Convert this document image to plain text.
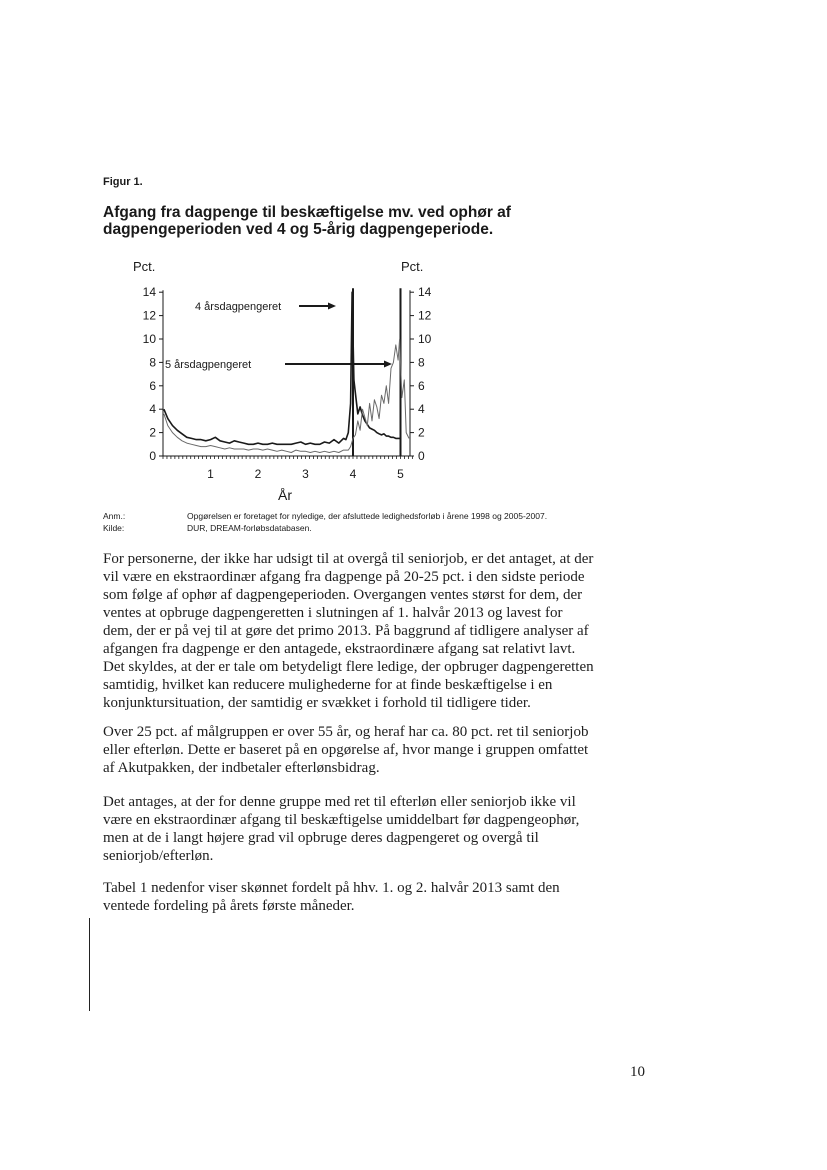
Figur 1.
Afgang fra dagpenge til beskæftigelse mv. ved ophør af dagpengeperioden ved 4 og 5-årig dagpengeperiode.
Pct.	Pct.
År
4 årsdagpengeret
5 årsdagpengeret
0	0
2	2
4	4
6	6
8	8
10	10
12	12
14	14
1	2	3	4	5
Anm.:	Opgørelsen er foretaget for nyledige, der afsluttede ledighedsforløb i årene 1998 og 2005-2007.
Kilde:	DUR, DREAM-forløbsdatabasen.

For personerne, der ikke har udsigt til at overgå til seniorjob, er det antaget, at der vil være en ekstraordinær afgang fra dagpenge på 20-25 pct. i den sidste periode som følge af ophør af dagpengeperioden. Overgangen ventes størst for dem, der ventes at opbruge dagpengeretten i slutningen af 1. halvår 2013 og lavest for dem, der er på vej til at gøre det primo 2013. På baggrund af tidligere analyser af afgangen fra dagpenge er den antagede, ekstraordinære afgang sat relativt lavt. Det skyldes, at der er tale om betydeligt flere ledige, der opbruger dagpengeretten samtidig, hvilket kan reducere mulighederne for at finde beskæftigelse i en konjunktursituation, der samtidig er svækket i forhold til tidligere tider.

Over 25 pct. af målgruppen er over 55 år, og heraf har ca. 80 pct. ret til seniorjob eller efterløn. Dette er baseret på en opgørelse af, hvor mange i gruppen omfattet af Akutpakken, der indbetaler efterlønsbidrag.

Det antages, at der for denne gruppe med ret til efterløn eller seniorjob ikke vil være en ekstraordinær afgang til beskæftigelse umiddelbart før dagpengeophør, men at de i langt højere grad vil opbruge deres dagpengeret og overgå til seniorjob/efterløn.

Tabel 1 nedenfor viser skønnet fordelt på hhv. 1. og 2. halvår 2013 samt den ventede fordeling på årets første måneder.

10
